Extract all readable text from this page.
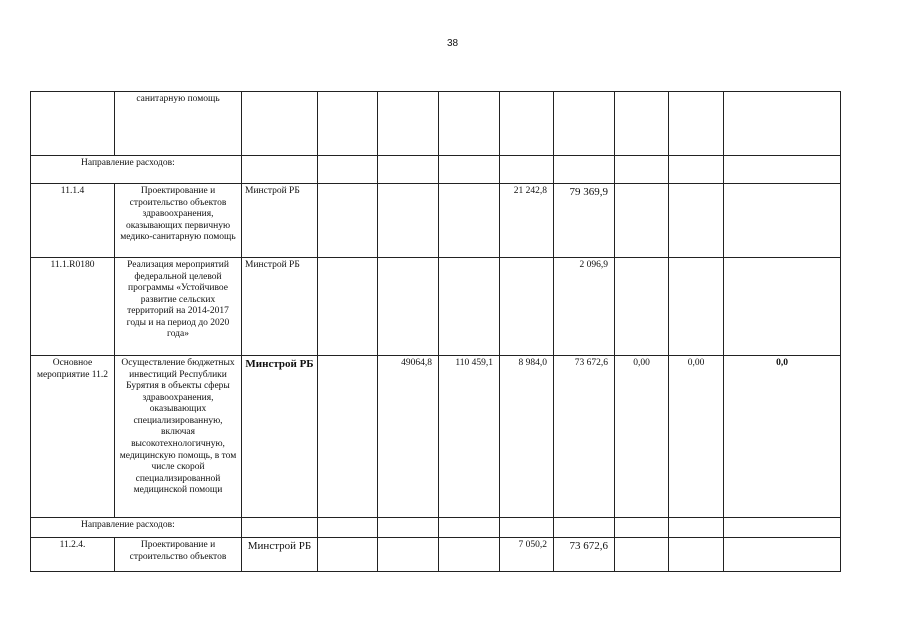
38
	санитарную помощь									
Направление расходов:										
11.1.4	Проектирование и строительство объектов здравоохранения, оказывающих первичную медико-санитарную помощь	Минстрой РБ				21 242,8	79 369,9			
11.1.R0180	Реализация мероприятий федеральной целевой программы «Устойчивое развитие сельских территорий на 2014-2017 годы и на период до 2020 года»	Минстрой РБ					2 096,9			
Основное мероприятие 11.2	Осуществление бюджетных инвестиций Республики Бурятия в объекты сферы здравоохранения, оказывающих специализированную, включая высокотехнологичную, медицинскую помощь, в том числе скорой специализированной медицинской помощи	Минстрой РБ		49064,8	110 459,1	8 984,0	73 672,6	0,00	0,00	0,0
Направление расходов:										
11.2.4.	Проектирование и строительство объектов	Минстрой РБ				7 050,2	73 672,6			
